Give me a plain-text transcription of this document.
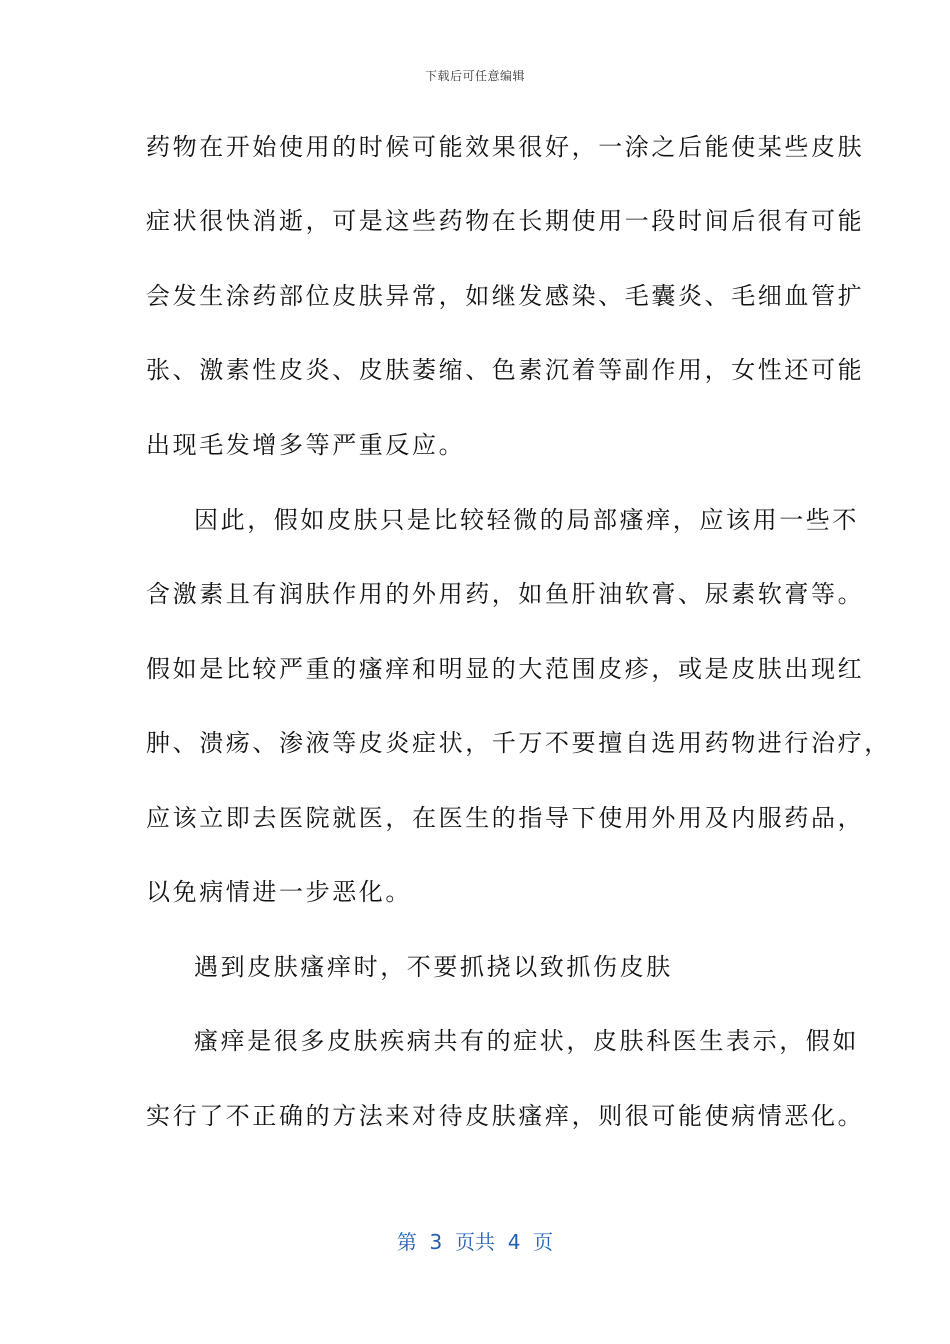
下载后可任意编辑
药物在开始使用的时候可能效果很好，一涂之后能使某些皮肤
症状很快消逝，可是这些药物在长期使用一段时间后很有可能
会发生涂药部位皮肤异常，如继发感染、毛囊炎、毛细血管扩
张、激素性皮炎、皮肤萎缩、色素沉着等副作用，女性还可能
出现毛发增多等严重反应。
因此，假如皮肤只是比较轻微的局部瘙痒，应该用一些不
含激素且有润肤作用的外用药，如鱼肝油软膏、尿素软膏等。
假如是比较严重的瘙痒和明显的大范围皮疹，或是皮肤出现红
肿、溃疡、渗液等皮炎症状，千万不要擅自选用药物进行治疗，
应该立即去医院就医，在医生的指导下使用外用及内服药品，
以免病情进一步恶化。
遇到皮肤瘙痒时，不要抓挠以致抓伤皮肤
瘙痒是很多皮肤疾病共有的症状，皮肤科医生表示，假如
实行了不正确的方法来对待皮肤瘙痒，则很可能使病情恶化。
第  3  页共  4  页
